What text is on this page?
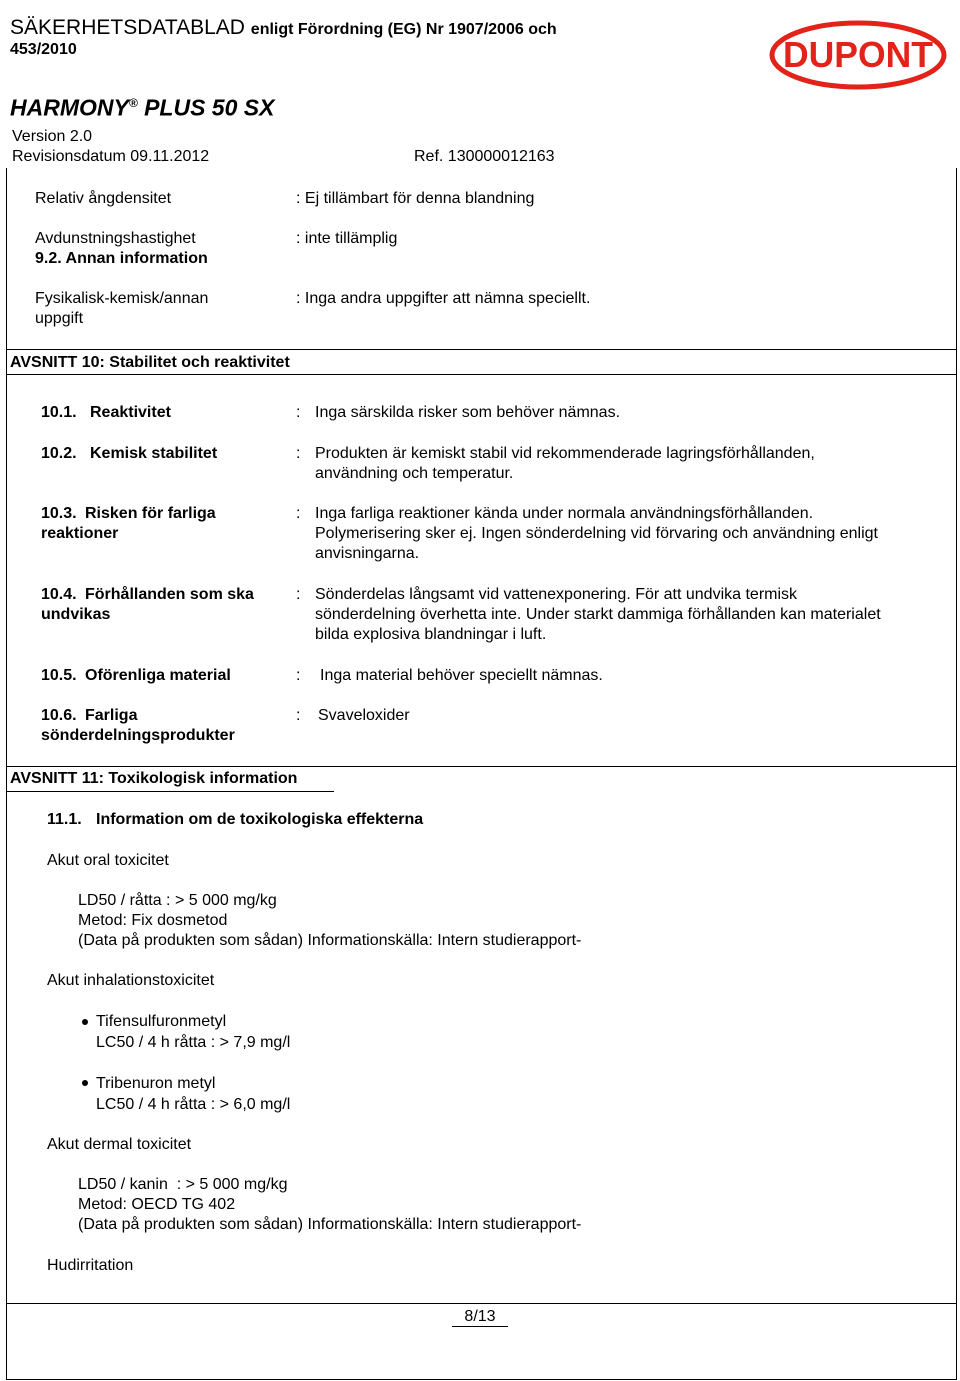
SÄKERHETSDATABLAD enligt Förordning (EG) Nr 1907/2006 och
453/2010
HARMONY® PLUS 50 SX
Version 2.0
Revisionsdatum 09.11.2012	Ref. 130000012163
DUPONT
Relativ ångdensitet	: Ej tillämbart för denna blandning
Avdunstningshastighet	: inte tillämplig
9.2. Annan information
Fysikalisk-kemisk/annan
uppgift
: Inga andra uppgifter att nämna speciellt.
AVSNITT 10: Stabilitet och reaktivitet
10.1. Reaktivitet	: Inga särskilda risker som behöver nämnas.
10.2. Kemisk stabilitet	: Produkten är kemiskt stabil vid rekommenderade lagringsförhållanden,
användning och temperatur.
10.3. Risken för farliga
reaktioner
: Inga farliga reaktioner kända under normala användningsförhållanden.
Polymerisering sker ej. Ingen sönderdelning vid förvaring och användning enligt
anvisningarna.
10.4. Förhållanden som ska
undvikas
: Sönderdelas långsamt vid vattenexponering. För att undvika termisk
sönderdelning överhetta inte. Under starkt dammiga förhållanden kan materialet
bilda explosiva blandningar i luft.
10.5. Oförenliga material	: Inga material behöver speciellt nämnas.
10.6. Farliga
sönderdelningsprodukter
: Svaveloxider
AVSNITT 11: Toxikologisk information
11.1. Information om de toxikologiska effekterna
Akut oral toxicitet
LD50 / råtta : > 5 000 mg/kg
Metod: Fix dosmetod
(Data på produkten som sådan) Informationskälla: Intern studierapport-
Akut inhalationstoxicitet
Tifensulfuronmetyl
LC50 / 4 h råtta : > 7,9 mg/l
Tribenuron metyl
LC50 / 4 h råtta : > 6,0 mg/l
Akut dermal toxicitet
LD50 / kanin  : > 5 000 mg/kg
Metod: OECD TG 402
(Data på produkten som sådan) Informationskälla: Intern studierapport-
Hudirritation
8/13
